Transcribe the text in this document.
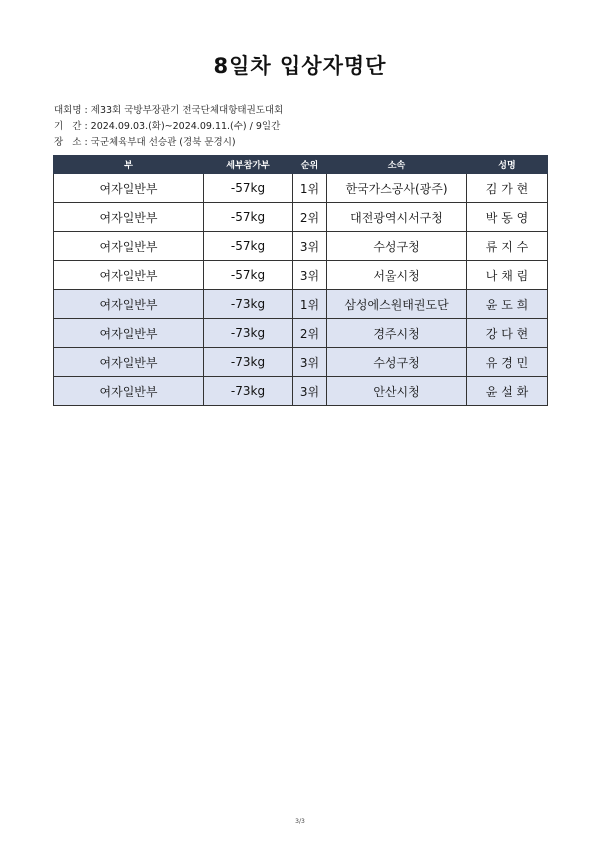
8일차 입상자명단
대회명 : 제33회 국방부장관기 전국단체대항태권도대회
기   간 : 2024.09.03.(화)~2024.09.11.(수) / 9일간
장   소 : 국군체육부대 선승관 (경북 문경시)
부	세부참가부	순위	소속	성명
여자일반부	-57kg	1위	한국가스공사(광주)	김 가 현
여자일반부	-57kg	2위	대전광역시서구청	박 동 영
여자일반부	-57kg	3위	수성구청	류 지 수
여자일반부	-57kg	3위	서울시청	나 채 림
여자일반부	-73kg	1위	삼성에스원태권도단	윤 도 희
여자일반부	-73kg	2위	경주시청	강 다 현
여자일반부	-73kg	3위	수성구청	유 경 민
여자일반부	-73kg	3위	안산시청	윤 설 화
3/3
